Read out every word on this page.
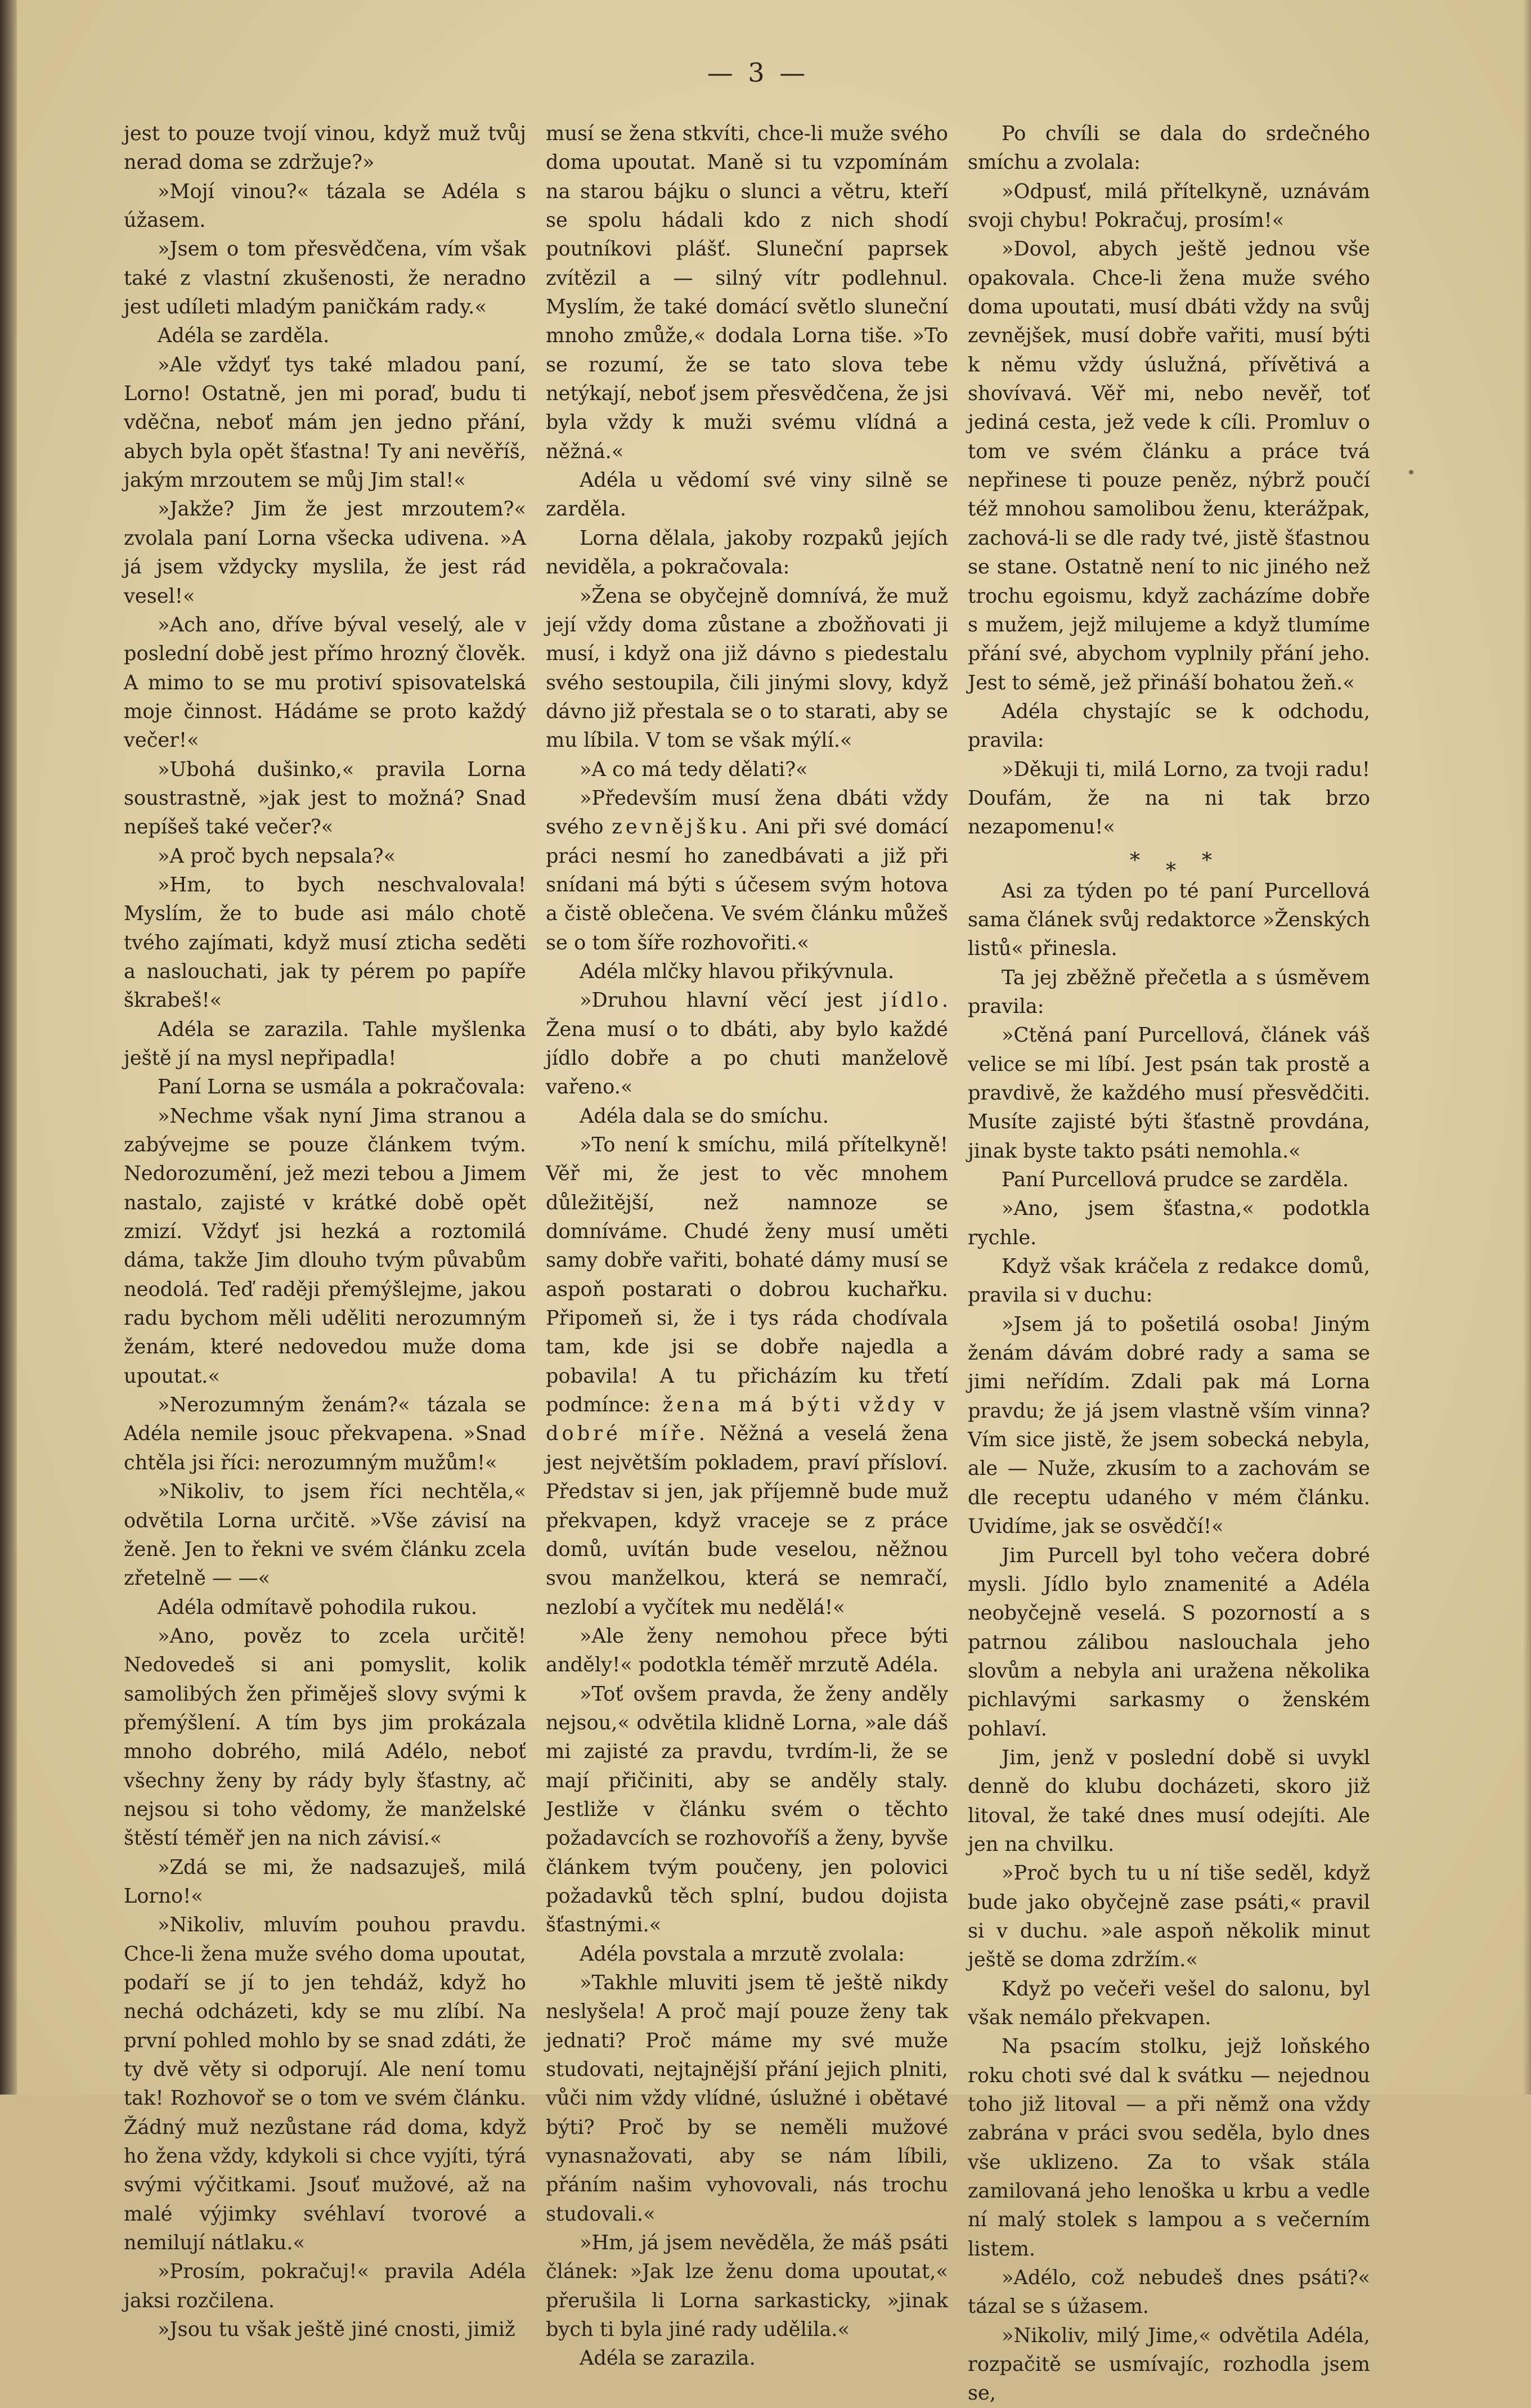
— 3 —

jest to pouze tvojí vinou, když muž tvůj nerad doma se zdržuje?»

»Mojí vinou?« tázala se Adéla s úžasem.

»Jsem o tom přesvědčena, vím však také z vlastní zkušenosti, že neradno jest udíleti mladým paničkám rady.«

Adéla se zarděla.

»Ale vždyť tys také mladou paní, Lorno! Ostatně, jen mi poraď, budu ti vděčna, neboť mám jen jedno přání, abych byla opět šťastna! Ty ani nevěříš, jakým mrzoutem se můj Jim stal!«

»Jakže? Jim že jest mrzoutem?« zvolala paní Lorna všecka udivena. »A já jsem vždycky myslila, že jest rád vesel!«

»Ach ano, dříve býval veselý, ale v poslední době jest přímo hrozný člověk. A mimo to se mu protiví spisovatelská moje činnost. Hádáme se proto každý večer!«

»Ubohá dušinko,« pravila Lorna soustrastně, »jak jest to možná? Snad nepíšeš také večer?«

»A proč bych nepsala?«

»Hm, to bych neschvalovala! Myslím, že to bude asi málo chotě tvého zajímati, když musí zticha seděti a naslouchati, jak ty pérem po papíře škrabeš!«

Adéla se zarazila. Tahle myšlenka ještě jí na mysl nepřipadla!

Paní Lorna se usmála a pokračovala:

»Nechme však nyní Jima stranou a zabývejme se pouze článkem tvým. Nedorozumění, jež mezi tebou a Jimem nastalo, zajisté v krátké době opět zmizí. Vždyť jsi hezká a roztomilá dáma, takže Jim dlouho tvým půvabům neodolá. Teď raději přemýšlejme, jakou radu bychom měli uděliti nerozumným ženám, které nedovedou muže doma upoutat.«

»Nerozumným ženám?« tázala se Adéla nemile jsouc překvapena. »Snad chtěla jsi říci: nerozumným mužům!«

»Nikoliv, to jsem říci nechtěla,« odvětila Lorna určitě. »Vše závisí na ženě. Jen to řekni ve svém článku zcela zřetelně — —«

Adéla odmítavě pohodila rukou.

»Ano, pověz to zcela určitě! Nedovedeš si ani pomyslit, kolik samolibých žen přiměješ slovy svými k přemýšlení. A tím bys jim prokázala mnoho dobrého, milá Adélo, neboť všechny ženy by rády byly šťastny, ač nejsou si toho vědomy, že manželské štěstí téměř jen na nich závisí.«

»Zdá se mi, že nadsazuješ, milá Lorno!«

»Nikoliv, mluvím pouhou pravdu. Chce-li žena muže svého doma upoutat, podaří se jí to jen tehdáž, když ho nechá odcházeti, kdy se mu zlíbí. Na první pohled mohlo by se snad zdáti, že ty dvě věty si odporují. Ale není tomu tak! Rozhovoř se o tom ve svém článku. Žádný muž nezůstane rád doma, když ho žena vždy, kdykoli si chce vyjíti, týrá svými výčitkami. Jsouť mužové, až na malé výjimky svéhlaví tvorové a nemilují nátlaku.«

»Prosím, pokračuj!« pravila Adéla jaksi rozčilena.

»Jsou tu však ještě jiné cnosti, jimiž

musí se žena stkvíti, chce-li muže svého doma upoutat. Maně si tu vzpomínám na starou bájku o slunci a větru, kteří se spolu hádali kdo z nich shodí poutníkovi plášť. Sluneční paprsek zvítězil a — silný vítr podlehnul. Myslím, že také domácí světlo sluneční mnoho zmůže,« dodala Lorna tiše. »To se rozumí, že se tato slova tebe netýkají, neboť jsem přesvědčena, že jsi byla vždy k muži svému vlídná a něžná.«

Adéla u vědomí své viny silně se zarděla.

Lorna dělala, jakoby rozpaků jejích neviděla, a pokračovala:

»Žena se obyčejně domnívá, že muž její vždy doma zůstane a zbožňovati ji musí, i když ona již dávno s piedestalu svého sestoupila, čili jinými slovy, když dávno již přestala se o to starati, aby se mu líbila. V tom se však mýlí.«

»A co má tedy dělati?«

»Především musí žena dbáti vždy svého zevnějšku. Ani při své domácí práci nesmí ho zanedbávati a již při snídani má býti s účesem svým hotova a čistě oblečena. Ve svém článku můžeš se o tom šíře rozhovořiti.«

Adéla mlčky hlavou přikývnula.

»Druhou hlavní věcí jest jídlo. Žena musí o to dbáti, aby bylo každé jídlo dobře a po chuti manželově vařeno.«

Adéla dala se do smíchu.

»To není k smíchu, milá přítelkyně! Věř mi, že jest to věc mnohem důležitější, než namnoze se domníváme. Chudé ženy musí uměti samy dobře vařiti, bohaté dámy musí se aspoň postarati o dobrou kuchařku. Připomeň si, že i tys ráda chodívala tam, kde jsi se dobře najedla a pobavila! A tu přicházím ku třetí podmínce: žena má býti vždy v dobré míře. Něžná a veselá žena jest největším pokladem, praví přísloví. Představ si jen, jak příjemně bude muž překvapen, když vraceje se z práce domů, uvítán bude veselou, něžnou svou manželkou, která se nemračí, nezlobí a vyčítek mu nedělá!«

»Ale ženy nemohou přece býti anděly!« podotkla téměř mrzutě Adéla.

»Toť ovšem pravda, že ženy anděly nejsou,« odvětila klidně Lorna, »ale dáš mi zajisté za pravdu, tvrdím-li, že se mají přičiniti, aby se anděly staly. Jestliže v článku svém o těchto požadavcích se rozhovoříš a ženy, byvše článkem tvým poučeny, jen polovici požadavků těch splní, budou dojista šťastnými.«

Adéla povstala a mrzutě zvolala:

»Takhle mluviti jsem tě ještě nikdy neslyšela! A proč mají pouze ženy tak jednati? Proč máme my své muže studovati, nejtajnější přání jejich plniti, vůči nim vždy vlídné, úslužné i obětavé býti? Proč by se neměli mužové vynasnažovati, aby se nám líbili, přáním našim vyhovovali, nás trochu studovali.«

»Hm, já jsem nevěděla, že máš psáti článek: »Jak lze ženu doma upoutat,« přerušila li Lorna sarkasticky, »jinak bych ti byla jiné rady udělila.«

Adéla se zarazila.

Po chvíli se dala do srdečného smíchu a zvolala:

»Odpusť, milá přítelkyně, uznávám svoji chybu! Pokračuj, prosím!«

»Dovol, abych ještě jednou vše opakovala. Chce-li žena muže svého doma upoutati, musí dbáti vždy na svůj zevnějšek, musí dobře vařiti, musí býti k němu vždy úslužná, přívětivá a shovívavá. Věř mi, nebo nevěř, toť jediná cesta, jež vede k cíli. Promluv o tom ve svém článku a práce tvá nepřinese ti pouze peněz, nýbrž poučí též mnohou samolibou ženu, kterážpak, zachová-li se dle rady tvé, jistě šťastnou se stane. Ostatně není to nic jiného než trochu egoismu, když zacházíme dobře s mužem, jejž milujeme a když tlumíme přání své, abychom vyplnily přání jeho. Jest to sémě, jež přináší bohatou žeň.«

Adéla chystajíc se k odchodu, pravila:

»Děkuji ti, milá Lorno, za tvoji radu! Doufám, že na ni tak brzo nezapomenu!«

* * *

Asi za týden po té paní Purcellová sama článek svůj redaktorce »Ženských listů« přinesla.

Ta jej zběžně přečetla a s úsměvem pravila:

»Ctěná paní Purcellová, článek váš velice se mi líbí. Jest psán tak prostě a pravdivě, že každého musí přesvědčiti. Musíte zajisté býti šťastně provdána, jinak byste takto psáti nemohla.«

Paní Purcellová prudce se zarděla.

»Ano, jsem šťastna,« podotkla rychle.

Když však kráčela z redakce domů, pravila si v duchu:

»Jsem já to pošetilá osoba! Jiným ženám dávám dobré rady a sama se jimi neřídím. Zdali pak má Lorna pravdu; že já jsem vlastně vším vinna? Vím sice jistě, že jsem sobecká nebyla, ale — Nuže, zkusím to a zachovám se dle receptu udaného v mém článku. Uvidíme, jak se osvědčí!«

Jim Purcell byl toho večera dobré mysli. Jídlo bylo znamenité a Adéla neobyčejně veselá. S pozorností a s patrnou zálibou naslouchala jeho slovům a nebyla ani uražena několika pichlavými sarkasmy o ženském pohlaví.

Jim, jenž v poslední době si uvykl denně do klubu docházeti, skoro již litoval, že také dnes musí odejíti. Ale jen na chvilku.

»Proč bych tu u ní tiše seděl, když bude jako obyčejně zase psáti,« pravil si v duchu. »ale aspoň několik minut ještě se doma zdržím.«

Když po večeři vešel do salonu, byl však nemálo překvapen.

Na psacím stolku, jejž loňského roku choti své dal k svátku — nejednou toho již litoval — a při němž ona vždy zabrána v práci svou seděla, bylo dnes vše uklizeno. Za to však stála zamilovaná jeho lenoška u krbu a vedle ní malý stolek s lampou a s večerním listem.

»Adélo, což nebudeš dnes psáti?« tázal se s úžasem.

»Nikoliv, milý Jime,« odvětila Adéla, rozpačitě se usmívajíc, rozhodla jsem se,
